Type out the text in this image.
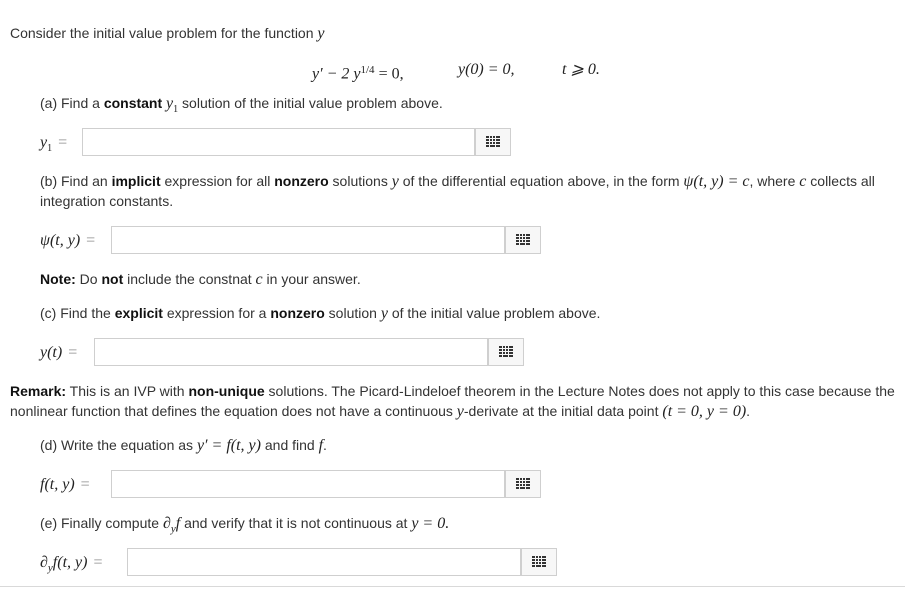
Consider the initial value problem for the function y
y′ − 2 $y^{1/4} = 0$,	y(0) = 0,	t ⩾ 0.
(a) Find a constant $y_1$ solution of the initial value problem above.
$y_1$ =
(b) Find an implicit expression for all nonzero solutions y of the differential equation above, in the form ψ(t, y) = c, where c collects all
integration constants.
ψ(t, y) =
Note: Do not include the constnat c in your answer.
(c) Find the explicit expression for a nonzero solution y of the initial value problem above.
y(t) =
Remark: This is an IVP with non-unique solutions. The Picard-Lindeloef theorem in the Lecture Notes does not apply to this case because the
nonlinear function that defines the equation does not have a continuous y-derivate at the initial data point (t = 0, y = 0).
(d) Write the equation as y′ = f(t, y) and find f.
f(t, y) =
(e) Finally compute $\partial_yf$ and verify that it is not continuous at y = 0.
$\partial_yf(t$, y) =
